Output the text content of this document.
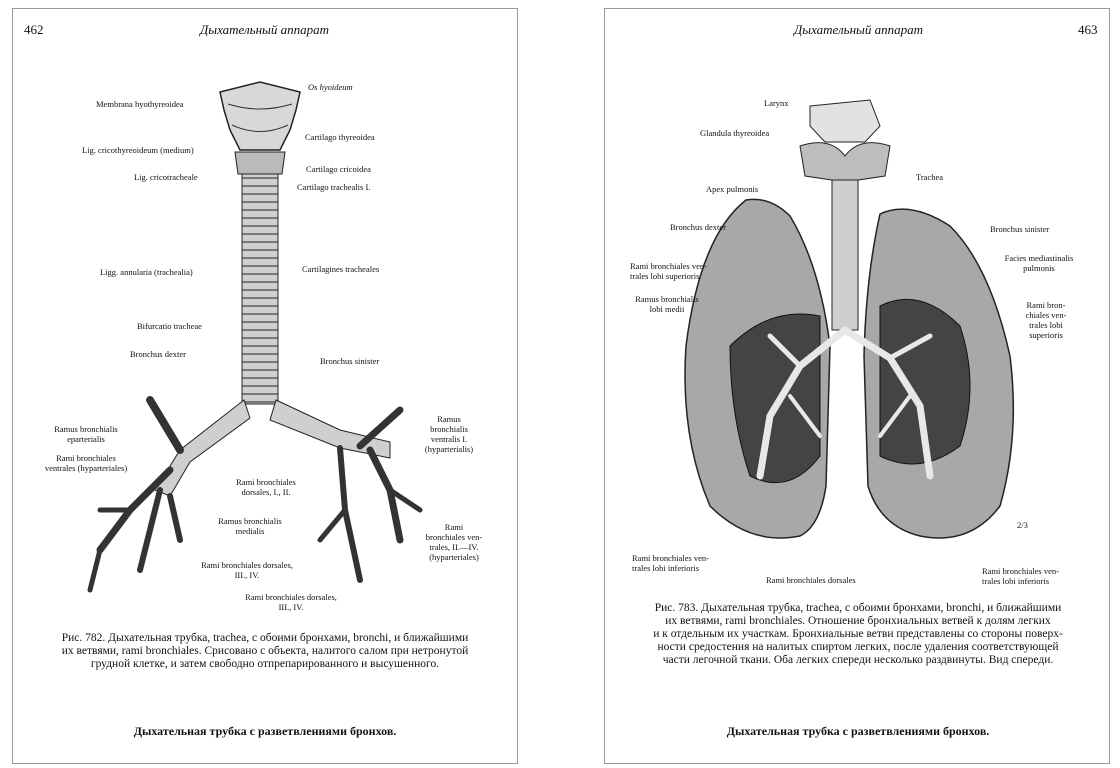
462	Дыхательный аппарат
Os hyoideum
Membrana hyothyreoidea
Cartilago thyreoidea
Lig. cricothyreoideum (medium)
Cartilago cricoidea
Lig. cricotracheale
Cartilago trachealis I.
Ligg. annularia (trachealia)	Cartilagines tracheales
Bifurcatio tracheae
Bronchus dexter
Bronchus sinister
Ramus bronchialis
eparterialis
Ramus
bronchialis
ventralis I.
(hyparterialis)
Rami bronchiales
ventrales (hyparteriales)
Rami bronchiales
dorsales, I., II.
Ramus bronchialis
medialis	Rami
bronchiales ven-
trales, II.—IV.
(hyparteriales)
Rami bronchiales dorsales,
III., IV.
Rami bronchiales dorsales,
III., IV.
Рис. 782. Дыхательная трубка, trachea, с обоими бронхами, bronchi, и ближайшими
их ветвями, rami bronchiales. Срисовано с объекта, налитого салом при нетронутой
грудной клетке, и затем свободно отпрепарированного и высушенного.
Дыхательная трубка с разветвлениями бронхов.
Дыхательный аппарат	463
Larynx
Glandula thyreoidea
Trachea
Apex pulmonis
Bronchus dexter	Bronchus sinister
Facies mediastinalis
pulmonis
Rami bronchiales ven-
trales lobi superioris
Ramus bronchialis
lobi medii	Rami bron-
chiales ven-
trales lobi
superioris
2/3
Rami bronchiales ven-
trales lobi inferioris
Rami bronchiales dorsales
Rami bronchiales ven-
trales lobi inferioris
Рис. 783. Дыхательная трубка, trachea, с обоими бронхами, bronchi, и ближайшими
их ветвями, rami bronchiales. Отношение бронхиальных ветвей к долям легких
и к отдельным их участкам. Бронхиальные ветви представлены со стороны поверх-
ности средостения на налитых спиртом легких, после удаления соответствующей
части легочной ткани. Оба легких спереди несколько раздвинуты. Вид спереди.
Дыхательная трубка с разветвлениями бронхов.
